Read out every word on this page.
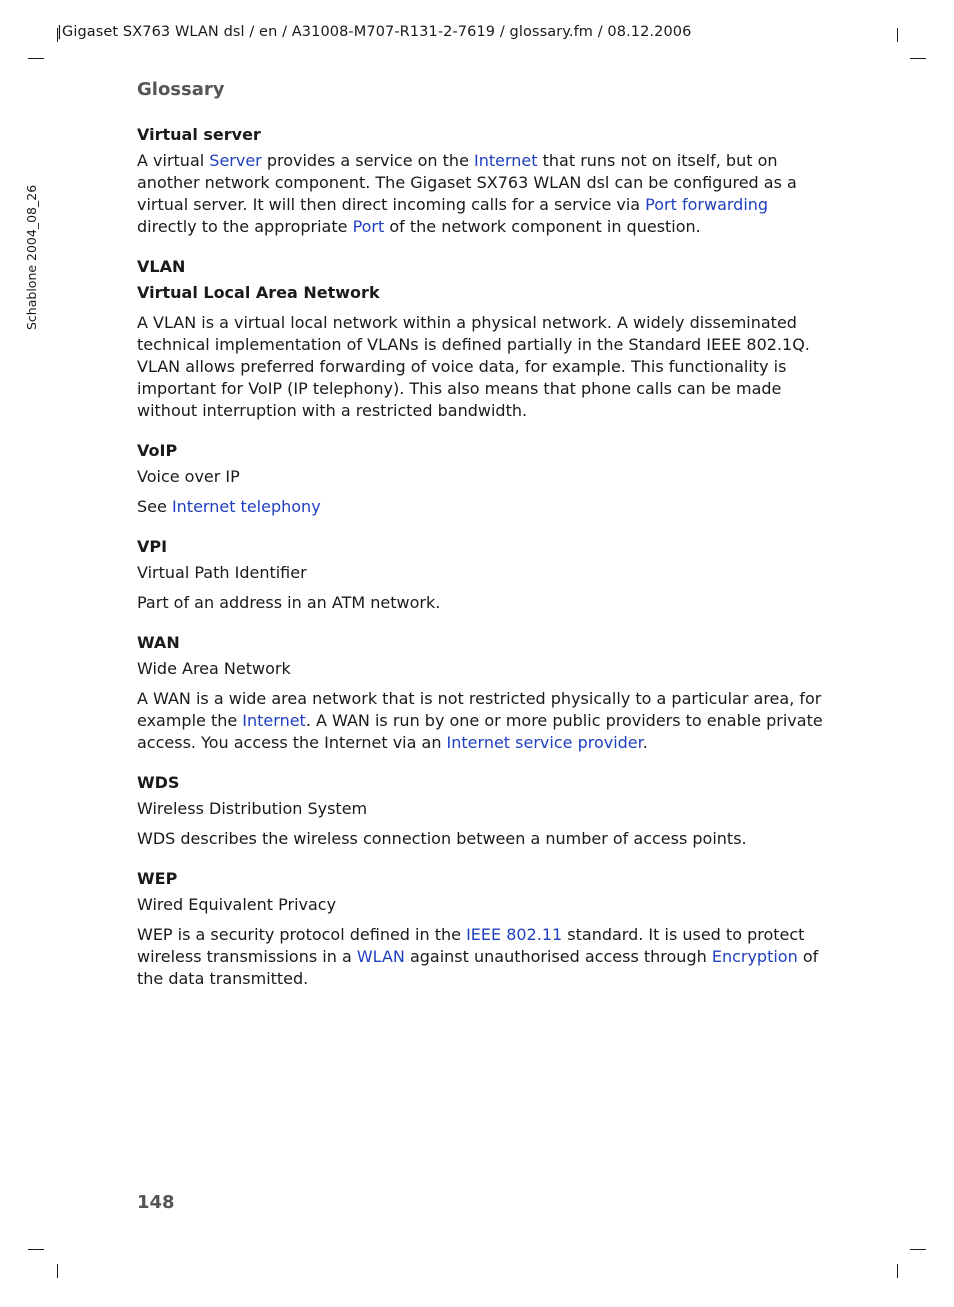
|Gigaset SX763 WLAN dsl / en / A31008-M707-R131-2-7619 / glossary.fm / 08.12.2006
Schablone 2004_08_26
Glossary
Virtual server
A virtual Server provides a service on the Internet that runs not on itself, but on another network component. The Gigaset SX763 WLAN dsl can be configured as a virtual server. It will then direct incoming calls for a service via Port forwarding directly to the appropriate Port of the network component in question.
VLAN
Virtual Local Area Network
A VLAN is a virtual local network within a physical network. A widely disseminated technical implementation of VLANs is defined partially in the Standard IEEE 802.1Q. VLAN allows preferred forwarding of voice data, for example. This functionality is important for VoIP (IP telephony). This also means that phone calls can be made without interruption with a restricted bandwidth.
VoIP
Voice over IP
See Internet telephony
VPI
Virtual Path Identifier
Part of an address in an ATM network.
WAN
Wide Area Network
A WAN is a wide area network that is not restricted physically to a particular area, for example the Internet. A WAN is run by one or more public providers to enable private access. You access the Internet via an Internet service provider.
WDS
Wireless Distribution System
WDS describes the wireless connection between a number of access points.
WEP
Wired Equivalent Privacy
WEP is a security protocol defined in the IEEE 802.11 standard. It is used to protect wireless transmissions in a WLAN against unauthorised access through Encryption of the data transmitted.
148
